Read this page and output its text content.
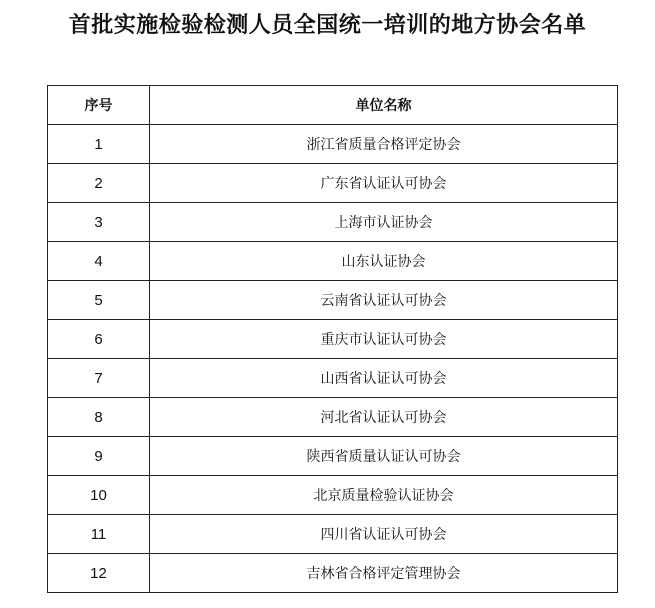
首批实施检验检测人员全国统一培训的地方协会名单
序号	单位名称
1	浙江省质量合格评定协会
2	广东省认证认可协会
3	上海市认证协会
4	山东认证协会
5	云南省认证认可协会
6	重庆市认证认可协会
7	山西省认证认可协会
8	河北省认证认可协会
9	陕西省质量认证认可协会
10	北京质量检验认证协会
11	四川省认证认可协会
12	吉林省合格评定管理协会
